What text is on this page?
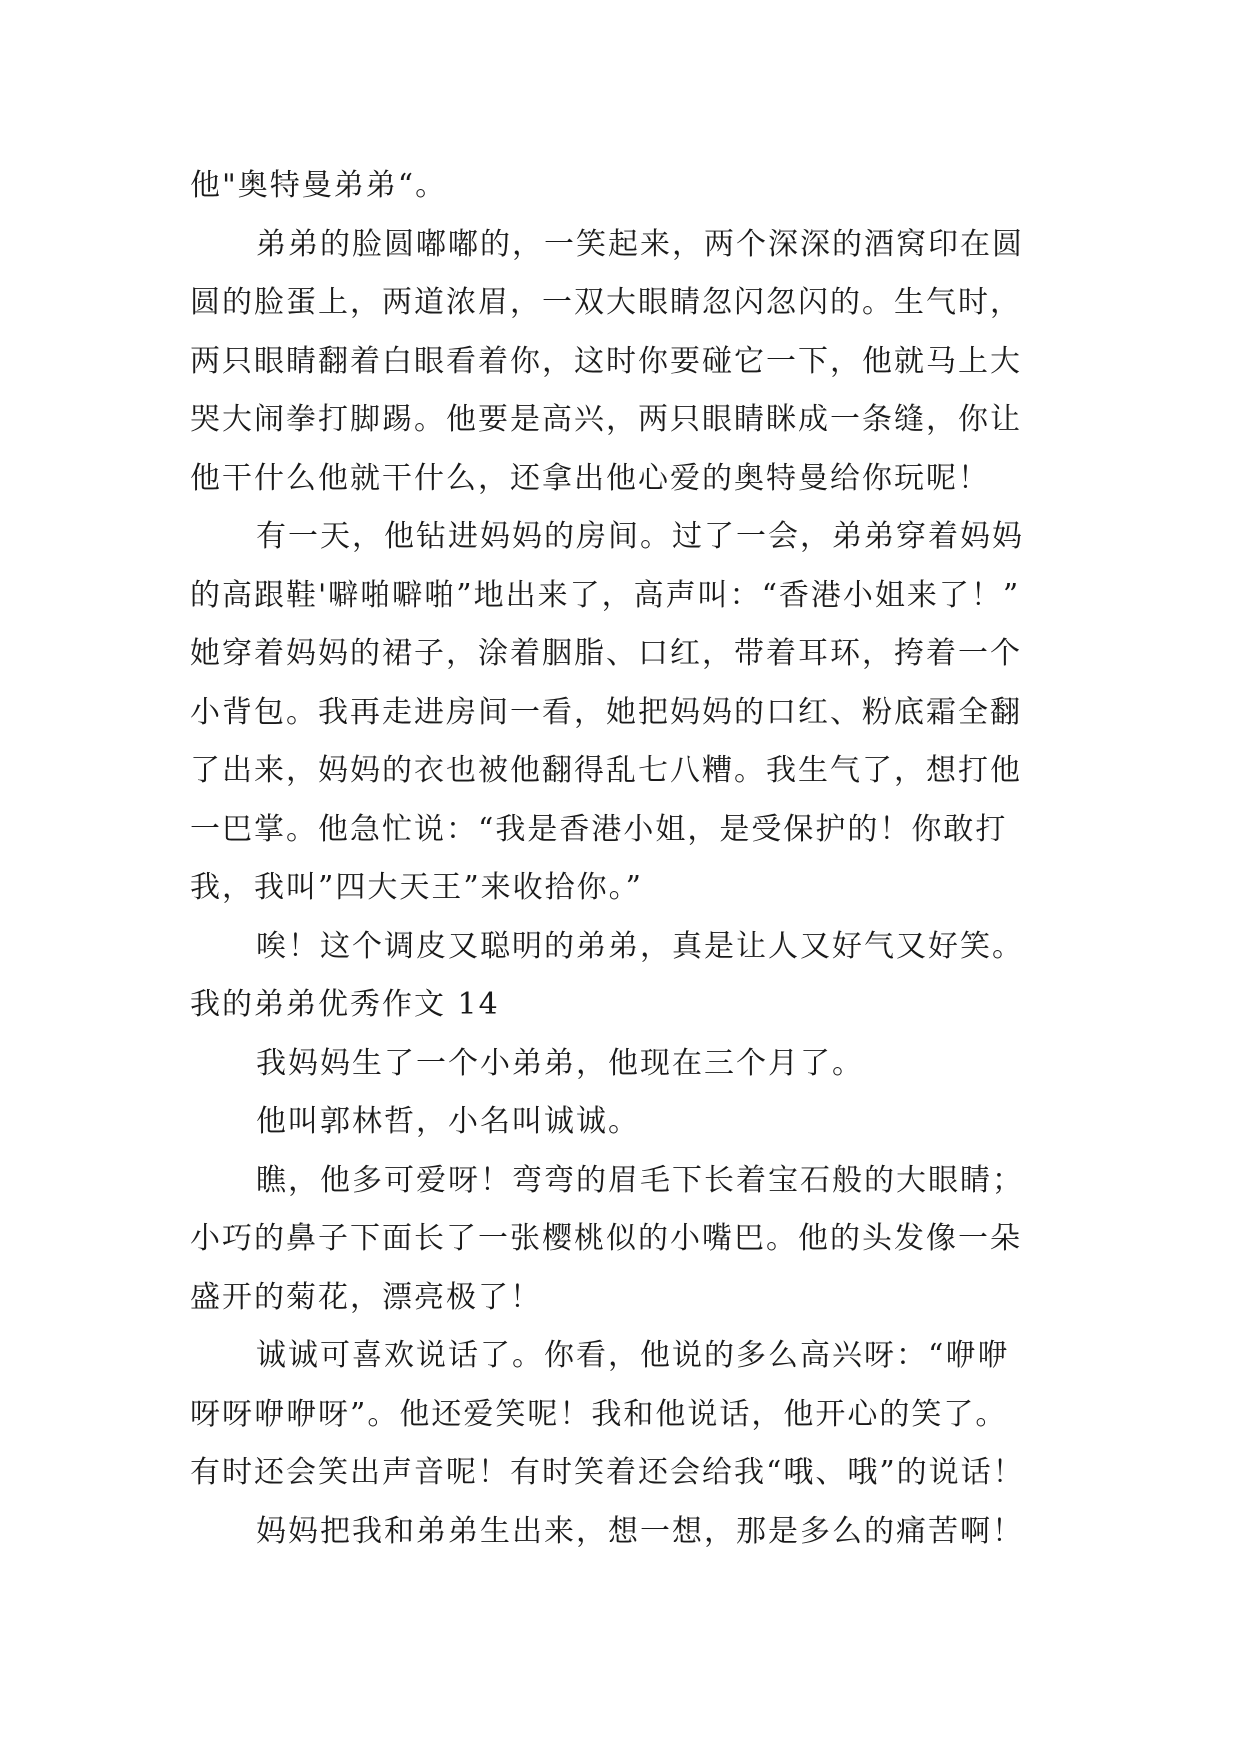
他"奥特曼弟弟“。
弟弟的脸圆嘟嘟的，一笑起来，两个深深的酒窝印在圆
圆的脸蛋上，两道浓眉，一双大眼睛忽闪忽闪的。生气时，
两只眼睛翻着白眼看着你，这时你要碰它一下，他就马上大
哭大闹拳打脚踢。他要是高兴，两只眼睛眯成一条缝，你让
他干什么他就干什么，还拿出他心爱的奥特曼给你玩呢！
有一天，他钻进妈妈的房间。过了一会，弟弟穿着妈妈
的高跟鞋'噼啪噼啪”地出来了，高声叫：“香港小姐来了！”
她穿着妈妈的裙子，涂着胭脂、口红，带着耳环，挎着一个
小背包。我再走进房间一看，她把妈妈的口红、粉底霜全翻
了出来，妈妈的衣也被他翻得乱七八糟。我生气了，想打他
一巴掌。他急忙说：“我是香港小姐，是受保护的！你敢打
我，我叫”四大天王”来收拾你。”
唉！这个调皮又聪明的弟弟，真是让人又好气又好笑。
我的弟弟优秀作文 14
我妈妈生了一个小弟弟，他现在三个月了。
他叫郭林哲，小名叫诚诚。
瞧，他多可爱呀！弯弯的眉毛下长着宝石般的大眼睛；
小巧的鼻子下面长了一张樱桃似的小嘴巴。他的头发像一朵
盛开的菊花，漂亮极了！
诚诚可喜欢说话了。你看，他说的多么高兴呀：“咿咿
呀呀咿咿呀”。他还爱笑呢！我和他说话，他开心的笑了。
有时还会笑出声音呢！有时笑着还会给我“哦、哦”的说话！
妈妈把我和弟弟生出来，想一想，那是多么的痛苦啊！
